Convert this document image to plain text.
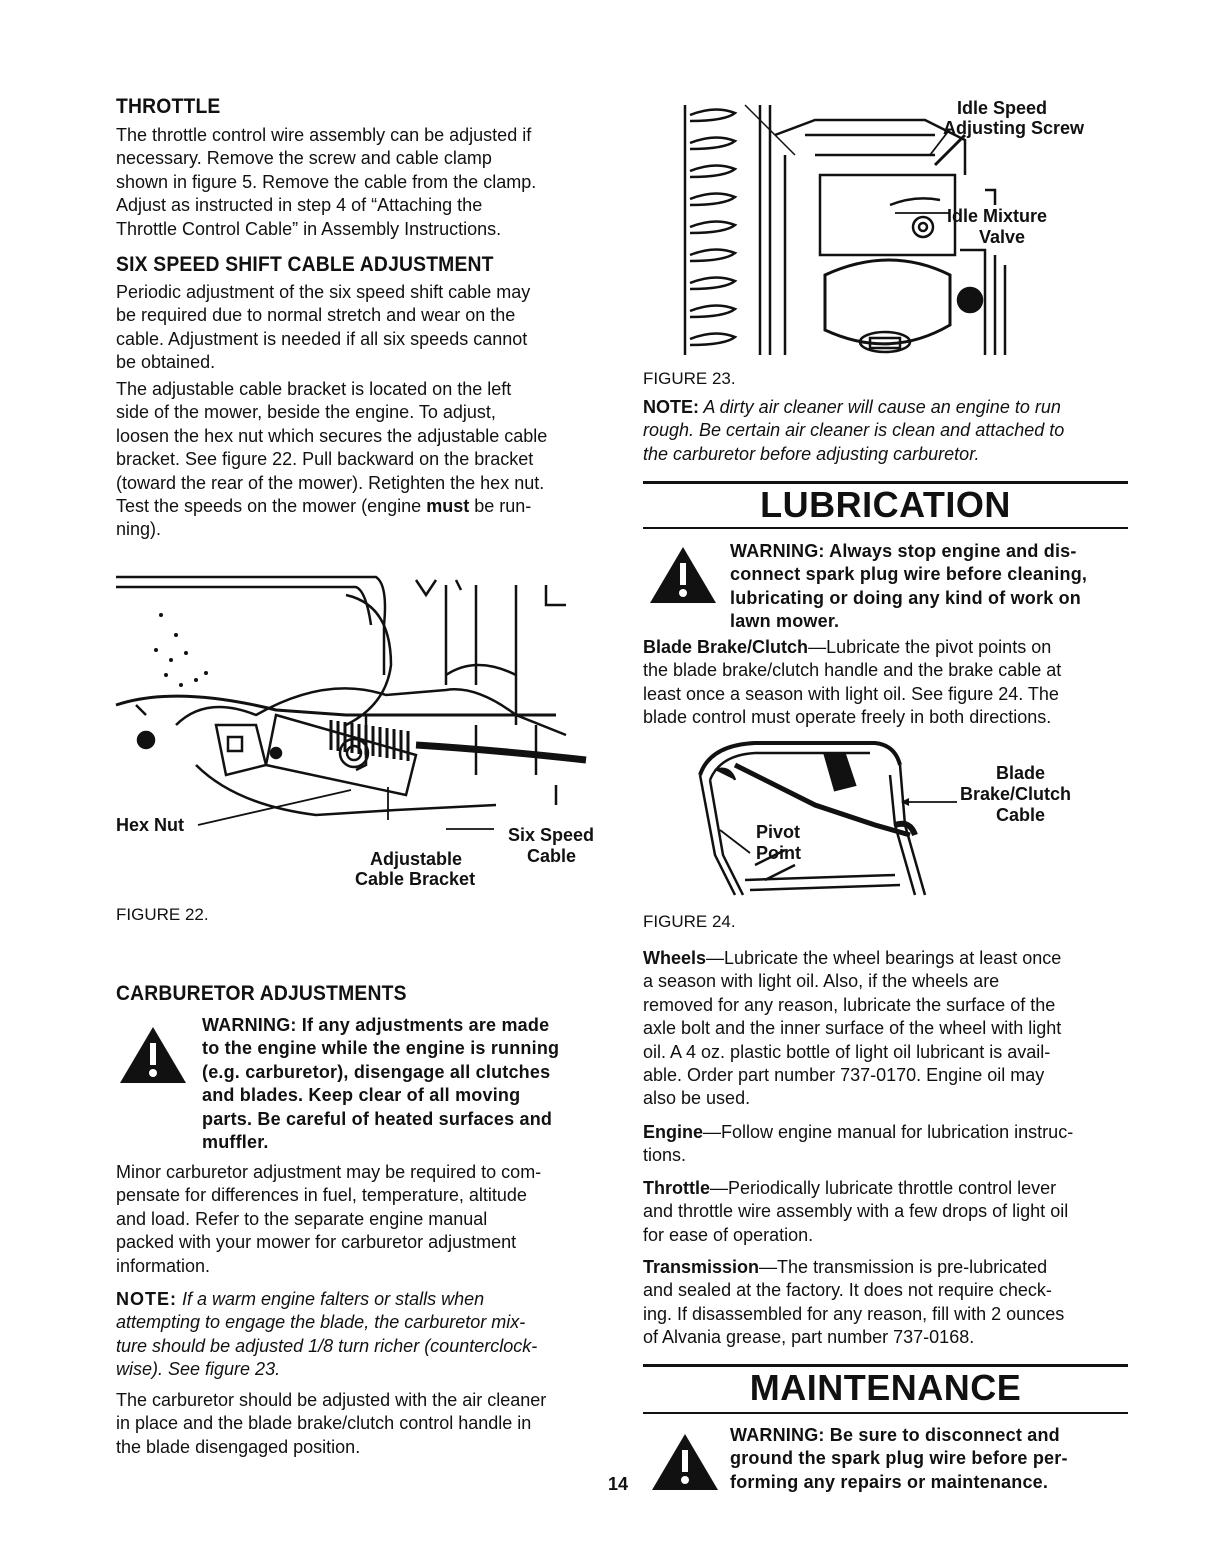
THROTTLE

The throttle control wire assembly can be adjusted if

necessary. Remove the screw and cable clamp

shown in figure 5. Remove the cable from the clamp.

Adjust as instructed in step 4 of “Attaching the

Throttle Control Cable” in Assembly Instructions.

SIX SPEED SHIFT CABLE ADJUSTMENT

Periodic adjustment of the six speed shift cable may

be required due to normal stretch and wear on the

cable. Adjustment is needed if all six speeds cannot

be obtained.

The adjustable cable bracket is located on the left

side of the mower, beside the engine. To adjust,

loosen the hex nut which secures the adjustable cable

bracket. See figure 22. Pull backward on the bracket

(toward the rear of the mower). Retighten the hex nut.

Test the speeds on the mower (engine must be run-

ning).

Hex Nut
Adjustable
Cable Bracket
Six Speed
Cable
FIGURE 22.
CARBURETOR ADJUSTMENTS
WARNING: If any adjustments are made
to the engine while the engine is running
(e.g. carburetor), disengage all clutches
and blades. Keep clear of all moving
parts. Be careful of heated surfaces and
muffler.

Minor carburetor adjustment may be required to com-

pensate for differences in fuel, temperature, altitude

and load. Refer to the separate engine manual

packed with your mower for carburetor adjustment

information.

NOTE: If a warm engine falters or stalls when

attempting to engage the blade, the carburetor mix-

ture should be adjusted 1/8 turn richer (counterclock-

wise). See figure 23.

The carburetor should be adjusted with the air cleaner

in place and the blade brake/clutch control handle in

the blade disengaged position.

14
Idle Speed
Adjusting Screw
Idle Mixture
Valve
FIGURE 23.

NOTE: A dirty air cleaner will cause an engine to run

rough. Be certain air cleaner is clean and attached to

the carburetor before adjusting carburetor.

LUBRICATION
WARNING: Always stop engine and dis-
connect spark plug wire before cleaning,
lubricating or doing any kind of work on
lawn mower.

Blade Brake/Clutch—Lubricate the pivot points on

the blade brake/clutch handle and the brake cable at

least once a season with light oil. See figure 24. The

blade control must operate freely in both directions.

Blade
Brake/Clutch
Cable
Pivot
Point
FIGURE 24.

Wheels—Lubricate the wheel bearings at least once

a season with light oil. Also, if the wheels are

removed for any reason, lubricate the surface of the

axle bolt and the inner surface of the wheel with light

oil. A 4 oz. plastic bottle of light oil lubricant is avail-

able. Order part number 737-0170. Engine oil may

also be used.

Engine—Follow engine manual for lubrication instruc-

tions.

Throttle—Periodically lubricate throttle control lever

and throttle wire assembly with a few drops of light oil

for ease of operation.

Transmission—The transmission is pre-lubricated

and sealed at the factory. It does not require check-

ing. If disassembled for any reason, fill with 2 ounces

of Alvania grease, part number 737-0168.

MAINTENANCE
WARNING: Be sure to disconnect and
ground the spark plug wire before per-
forming any repairs or maintenance.
